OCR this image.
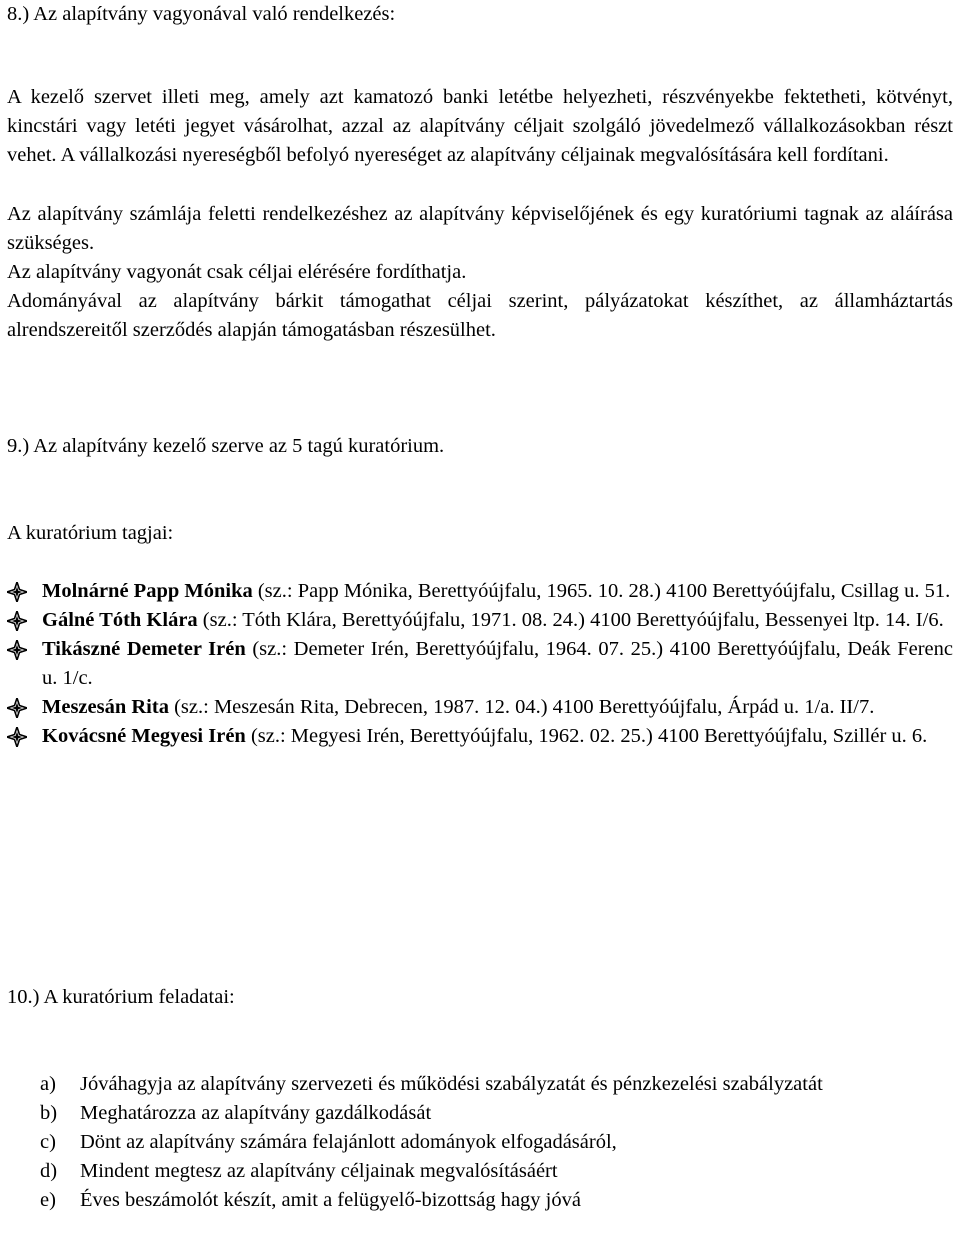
8.) Az alapítvány vagyonával való rendelkezés:
A kezelő szervet illeti meg, amely azt kamatozó banki letétbe helyezheti, részvényekbe fektetheti, kötvényt, kincstári vagy letéti jegyet vásárolhat, azzal az alapítvány céljait szolgáló jövedelmező vállalkozásokban részt vehet. A vállalkozási nyereségből befolyó nyereséget az alapítvány céljainak megvalósítására kell fordítani.
Az alapítvány számlája feletti rendelkezéshez az alapítvány képviselőjének és egy kuratóriumi tagnak az aláírása szükséges.
Az alapítvány vagyonát csak céljai elérésére fordíthatja.
Adományával az alapítvány bárkit támogathat céljai szerint, pályázatokat készíthet, az államháztartás alrendszereitől szerződés alapján támogatásban részesülhet.
9.) Az alapítvány kezelő szerve az 5 tagú kuratórium.
A kuratórium tagjai:
Molnárné Papp Mónika (sz.: Papp Mónika, Berettyóújfalu, 1965. 10. 28.) 4100 Berettyóújfalu, Csillag u. 51.
Gálné Tóth Klára (sz.: Tóth Klára, Berettyóújfalu, 1971. 08. 24.) 4100 Berettyóújfalu, Bessenyei ltp. 14. I/6.
Tikászné Demeter Irén (sz.: Demeter Irén, Berettyóújfalu, 1964. 07. 25.) 4100 Berettyóújfalu, Deák Ferenc u. 1/c.
Meszesán Rita (sz.: Meszesán Rita, Debrecen, 1987. 12. 04.) 4100 Berettyóújfalu, Árpád u. 1/a. II/7.
Kovácsné Megyesi Irén (sz.: Megyesi Irén, Berettyóújfalu, 1962. 02. 25.) 4100 Berettyóújfalu, Szillér u. 6.
10.) A kuratórium feladatai:
a) Jóváhagyja az alapítvány szervezeti és működési szabályzatát és pénzkezelési szabályzatát
b) Meghatározza az alapítvány gazdálkodását
c) Dönt az alapítvány számára felajánlott adományok elfogadásáról,
d) Mindent megtesz az alapítvány céljainak megvalósításáért
e) Éves beszámolót készít, amit a felügyelő-bizottság hagy jóvá
